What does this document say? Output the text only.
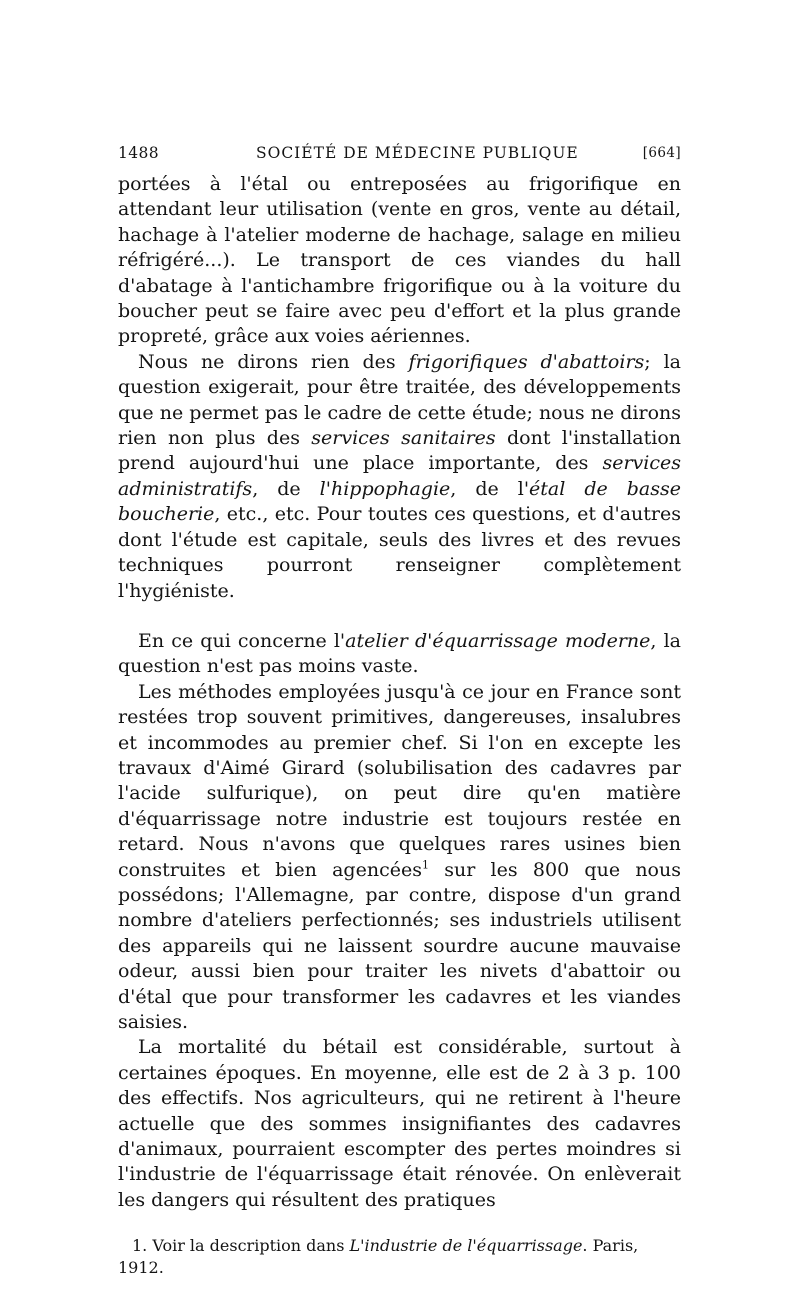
1488	SOCIÉTÉ DE MÉDECINE PUBLIQUE	[664]

portées à l'étal ou entreposées au frigorifique en attendant leur utilisation (vente en gros, vente au détail, hachage à l'atelier moderne de hachage, salage en milieu réfrigéré...). Le transport de ces viandes du hall d'abatage à l'antichambre frigorifique ou à la voiture du boucher peut se faire avec peu d'effort et la plus grande propreté, grâce aux voies aériennes.

Nous ne dirons rien des frigorifiques d'abattoirs; la question exigerait, pour être traitée, des développements que ne permet pas le cadre de cette étude; nous ne dirons rien non plus des services sanitaires dont l'installation prend aujourd'hui une place importante, des services administratifs, de l'hippophagie, de l'étal de basse boucherie, etc., etc. Pour toutes ces questions, et d'autres dont l'étude est capitale, seuls des livres et des revues techniques pourront renseigner complètement l'hygiéniste.

En ce qui concerne l'atelier d'équarrissage moderne, la question n'est pas moins vaste.

Les méthodes employées jusqu'à ce jour en France sont restées trop souvent primitives, dangereuses, insalubres et incommodes au premier chef. Si l'on en excepte les travaux d'Aimé Girard (solubilisation des cadavres par l'acide sulfurique), on peut dire qu'en matière d'équarrissage notre industrie est toujours restée en retard. Nous n'avons que quelques rares usines bien construites et bien agencées$^1$ sur les 800 que nous possédons; l'Allemagne, par contre, dispose d'un grand nombre d'ateliers perfectionnés; ses industriels utilisent des appareils qui ne laissent sourdre aucune mauvaise odeur, aussi bien pour traiter les nivets d'abattoir ou d'étal que pour transformer les cadavres et les viandes saisies.

La mortalité du bétail est considérable, surtout à certaines époques. En moyenne, elle est de 2 à 3 p. 100 des effectifs. Nos agriculteurs, qui ne retirent à l'heure actuelle que des sommes insignifiantes des cadavres d'animaux, pourraient escompter des pertes moindres si l'industrie de l'équarrissage était rénovée. On enlèverait les dangers qui résultent des pratiques

1. Voir la description dans L'industrie de l'équarrissage. Paris, 1912.
